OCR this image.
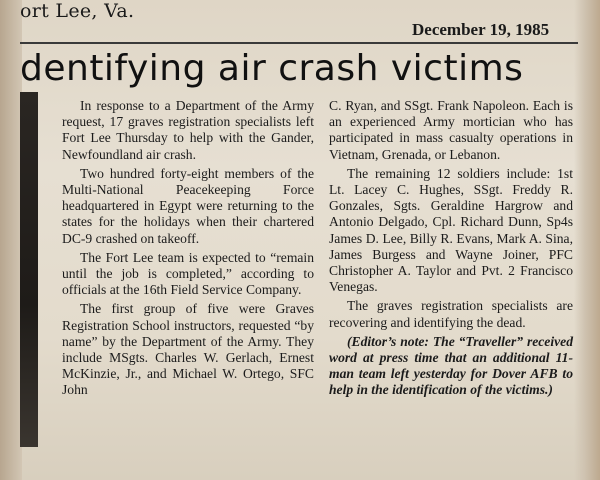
ort Lee, Va.
December 19, 1985
dentifying air crash victims

In response to a Department of the Army request, 17 graves registration specialists left Fort Lee Thursday to help with the Gander, Newfoundland air crash.

Two hundred forty-eight members of the Multi-National Peacekeeping Force headquartered in Egypt were returning to the states for the holidays when their chartered DC-9 crashed on takeoff.

The Fort Lee team is expected to “remain until the job is completed,” according to officials at the 16th Field Service Company.

The first group of five were Graves Registration School instructors, requested “by name” by the Department of the Army. They include MSgts. Charles W. Gerlach, Ernest McKinzie, Jr., and Michael W. Ortego, SFC John

C. Ryan, and SSgt. Frank Napoleon. Each is an experienced Army mortician who has participated in mass casualty operations in Vietnam, Grenada, or Lebanon.

The remaining 12 soldiers include: 1st Lt. Lacey C. Hughes, SSgt. Freddy R. Gonzales, Sgts. Geraldine Hargrow and Antonio Delgado, Cpl. Richard Dunn, Sp4s James D. Lee, Billy R. Evans, Mark A. Sina, James Burgess and Wayne Joiner, PFC Christopher A. Taylor and Pvt. 2 Francisco Venegas.

The graves registration specialists are recovering and identifying the dead.

(Editor’s note: The “Traveller” received word at press time that an additional 11-man team left yesterday for Dover AFB to help in the identification of the victims.)
